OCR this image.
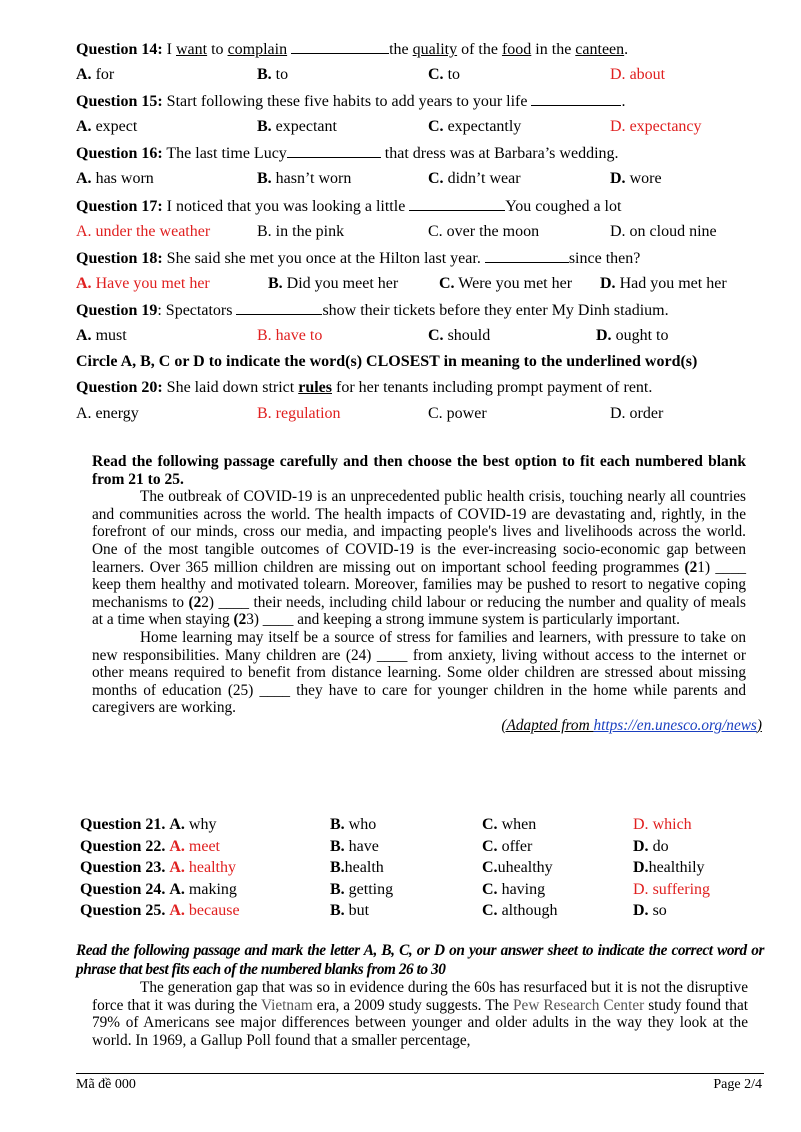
Question 14: I want to complain	the quality of the food in the canteen.
A. for	B. to	C. to	D. about
Question 15: Start following these five habits to add years to your life	.
A. expect	B. expectant	C. expectantly	D. expectancy
Question 16: The last time Lucy	that dress was at Barbara’s wedding.
A. has worn	B. hasn’t worn	C. didn’t wear	D. wore
Question 17: I noticed that you was looking a little	You coughed a lot
A. under the weather	B. in the pink	C. over the moon	D. on cloud nine
Question 18: She said she met you once at the Hilton last year.	since then?
A. Have you met her	B. Did you meet her	C. Were you met her D. Had you met her
Question 19: Spectators	show their tickets before they enter My Dinh stadium.
A. must	B. have to	C. should	D. ought to
Circle A, B, C or D to indicate the word(s) CLOSEST in meaning to the underlined word(s)
Question 20: She laid down strict rules for her tenants including prompt payment of rent.
A. energy	B. regulation	C. power	D. order
Read the following passage carefully and then choose the best option to fit each numbered blank from 21 to 25.

The outbreak of COVID-19 is an unprecedented public health crisis, touching nearly all countries and communities across the world. The health impacts of COVID-19 are devastating and, rightly, in the forefront of our minds, cross our media, and impacting people's lives and livelihoods across the world. One of the most tangible outcomes of COVID-19 is the ever-increasing socio-economic gap between learners. Over 365 million children are missing out on important school feeding programmes (21) ____ keep them healthy and motivated tolearn. Moreover, families may be pushed to resort to negative coping mechanisms to (22) ____ their needs, including child labour or reducing the number and quality of meals at a time when staying (23) ____ and keeping a strong immune system is particularly important.

Home learning may itself be a source of stress for families and learners, with pressure to take on new responsibilities. Many children are (24) ____ from anxiety, living without access to the internet or other means required to benefit from distance learning. Some older children are stressed about missing months of education (25) ____ they have to care for younger children in the home while parents and caregivers are working.

(Adapted from https://en.unesco.org/news)
Question 21. A. why	B. who	C. when	D. which
Question 22. A. meet	B. have	C. offer	D. do
Question 23. A. healthy	B.health	C.uhealthy	D.healthily
Question 24. A. making	B. getting	C. having	D. suffering
Question 25. A. because	B. but	C. although	D. so
Read the following passage and mark the letter A, B, C, or D on your answer sheet to indicate the correct word or phrase that best fits each of the numbered blanks from 26 to 30

The generation gap that was so in evidence during the 60s has resurfaced but it is not the disruptive force that it was during the Vietnam era, a 2009 study suggests. The Pew Research Center study found that 79% of Americans see major differences between younger and older adults in the way they look at the world. In 1969, a Gallup Poll found that a smaller percentage,

Mã đề 000	Page 2/4
